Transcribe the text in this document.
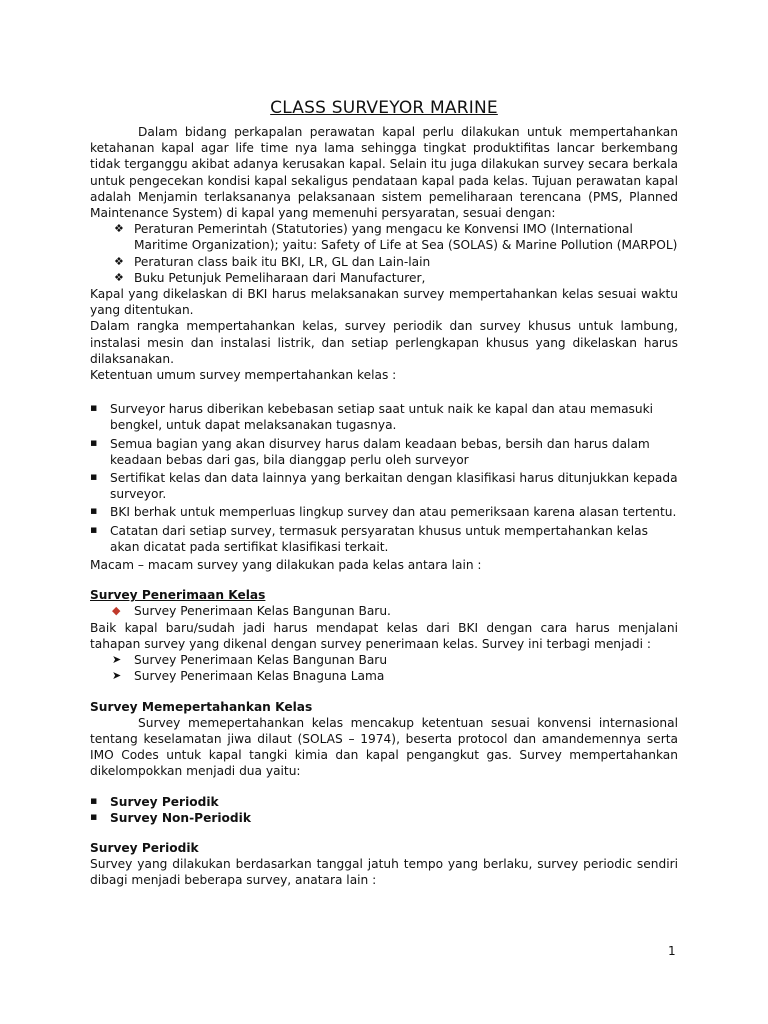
CLASS SURVEYOR MARINE

Dalam bidang perkapalan perawatan kapal perlu dilakukan untuk mempertahankan ketahanan kapal agar life time nya lama sehingga tingkat produktifitas lancar berkembang tidak terganggu akibat adanya kerusakan kapal. Selain itu juga dilakukan survey secara berkala untuk pengecekan kondisi kapal sekaligus pendataan kapal pada kelas. Tujuan perawatan kapal adalah Menjamin terlaksananya pelaksanaan sistem pemeliharaan terencana (PMS, Planned Maintenance System) di kapal yang memenuhi persyaratan, sesuai dengan:

❖ Peraturan Pemerintah (Statutories) yang mengacu ke Konvensi IMO (International Maritime Organization); yaitu: Safety of Life at Sea (SOLAS) & Marine Pollution (MARPOL)
❖ Peraturan class baik itu BKI, LR, GL dan Lain-lain
❖ Buku Petunjuk Pemeliharaan dari Manufacturer,

Kapal yang dikelaskan di BKI harus melaksanakan survey mempertahankan kelas sesuai waktu yang ditentukan.

Dalam rangka mempertahankan kelas, survey periodik dan survey khusus untuk lambung, instalasi mesin dan instalasi listrik, dan setiap perlengkapan khusus yang dikelaskan harus dilaksanakan.

Ketentuan umum survey mempertahankan kelas :

▪ Surveyor harus diberikan kebebasan setiap saat untuk naik ke kapal dan atau memasuki bengkel, untuk dapat melaksanakan tugasnya.
▪ Semua bagian yang akan disurvey harus dalam keadaan bebas, bersih dan harus dalam keadaan bebas dari gas, bila dianggap perlu oleh surveyor
▪ Sertifikat kelas dan data lainnya yang berkaitan dengan klasifikasi harus ditunjukkan kepada surveyor.
▪ BKI berhak untuk memperluas lingkup survey dan atau pemeriksaan karena alasan tertentu.
▪ Catatan dari setiap survey, termasuk persyaratan khusus untuk mempertahankan kelas akan dicatat pada sertifikat klasifikasi terkait.

Macam – macam survey yang dilakukan pada kelas antara lain :

Survey Penerimaan Kelas

◆ Survey Penerimaan Kelas Bangunan Baru.

Baik kapal baru/sudah jadi harus mendapat kelas dari BKI dengan cara harus menjalani tahapan survey yang dikenal dengan survey penerimaan kelas. Survey ini terbagi menjadi :

➤ Survey Penerimaan Kelas Bangunan Baru
➤ Survey Penerimaan Kelas Bnaguna Lama

Survey Memepertahankan Kelas

Survey memepertahankan kelas mencakup ketentuan sesuai konvensi internasional tentang keselamatan jiwa dilaut (SOLAS – 1974), beserta protocol dan amandemennya serta IMO Codes untuk kapal tangki kimia dan kapal pengangkut gas. Survey mempertahankan dikelompokkan menjadi dua yaitu:

▪ Survey Periodik
▪ Survey Non-Periodik

Survey Periodik

Survey yang dilakukan berdasarkan tanggal jatuh tempo yang berlaku, survey periodic sendiri dibagi menjadi beberapa survey, anatara lain :

1
